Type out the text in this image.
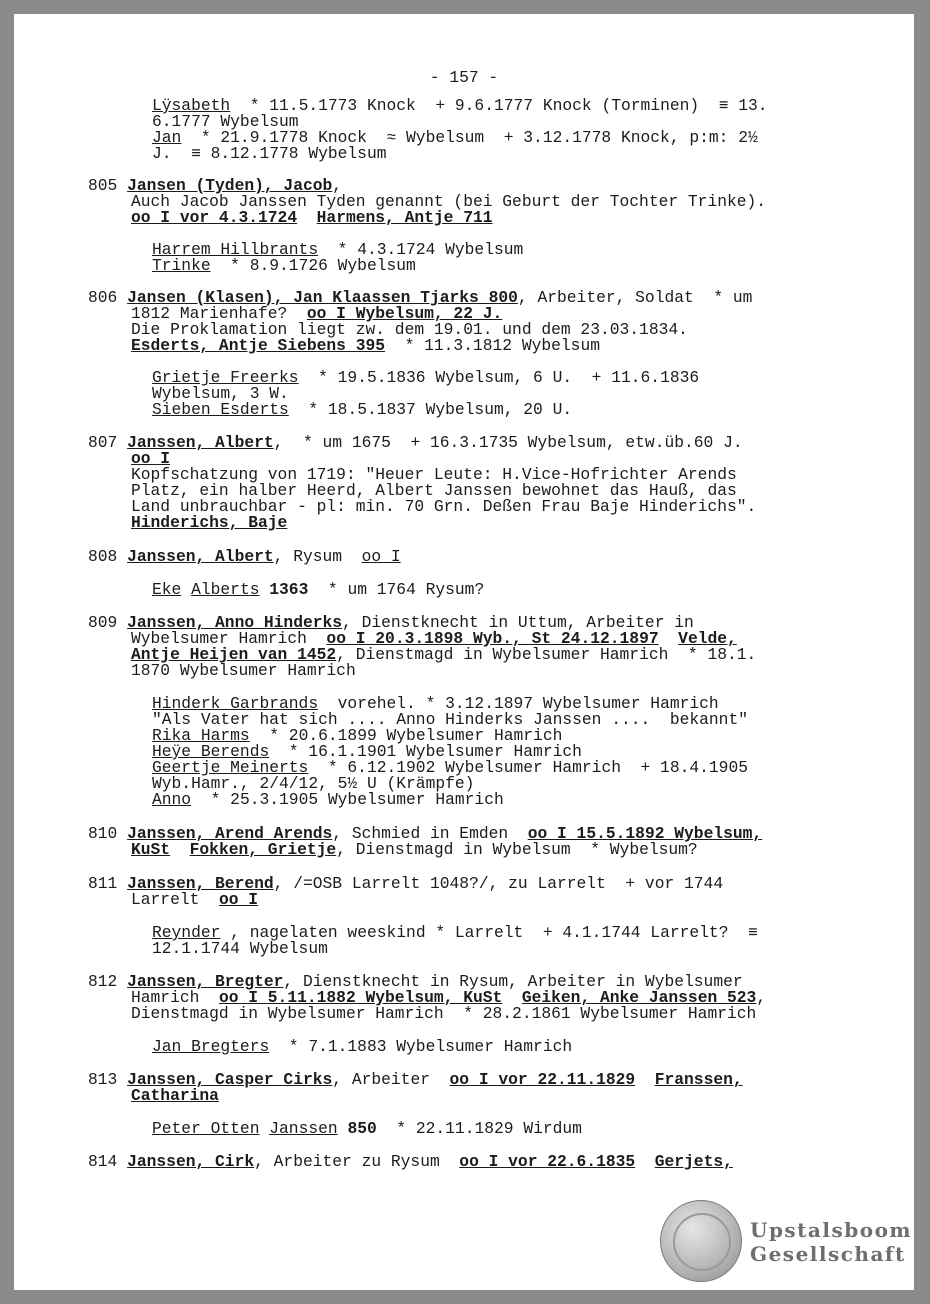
- 157 -
Lÿsabeth  * 11.5.1773 Knock  + 9.6.1777 Knock (Torminen)  ≡ 13.
6.1777 Wybelsum
Jan  * 21.9.1778 Knock  ≈ Wybelsum  + 3.12.1778 Knock, p:m: 2½
J.  ≡ 8.12.1778 Wybelsum
805 Jansen (Tyden), Jacob,
Auch Jacob Janssen Tyden genannt (bei Geburt der Tochter Trinke).
oo I vor 4.3.1724 Harmens, Antje 711
Harrem Hillbrants  * 4.3.1724 Wybelsum
Trinke  * 8.9.1726 Wybelsum
806 Jansen (Klasen), Jan Klaassen Tjarks 800, Arbeiter, Soldat  * um
1812 Marienhafe?  oo I Wybelsum, 22 J.
Die Proklamation liegt zw. dem 19.01. und dem 23.03.1834.
Esderts, Antje Siebens 395  * 11.3.1812 Wybelsum
Grietje Freerks  * 19.5.1836 Wybelsum, 6 U.  + 11.6.1836
Wybelsum, 3 W.
Sieben Esderts  * 18.5.1837 Wybelsum, 20 U.
807 Janssen, Albert,  * um 1675  + 16.3.1735 Wybelsum, etw.üb.60 J.
oo I
Kopfschatzung von 1719: "Heuer Leute: H.Vice-Hofrichter Arends
Platz, ein halber Heerd, Albert Janssen bewohnet das Hauß, das
Land unbrauchbar - pl: min. 70 Grn. Deßen Frau Baje Hinderichs".
Hinderichs, Baje
808 Janssen, Albert, Rysum  oo I
Eke Alberts 1363  * um 1764 Rysum?
809 Janssen, Anno Hinderks, Dienstknecht in Uttum, Arbeiter in
Wybelsumer Hamrich  oo I 20.3.1898 Wyb., St 24.12.1897 Velde,
Antje Heijen van 1452, Dienstmagd in Wybelsumer Hamrich  * 18.1.
1870 Wybelsumer Hamrich
Hinderk Garbrands  vorehel. * 3.12.1897 Wybelsumer Hamrich
"Als Vater hat sich .... Anno Hinderks Janssen ....  bekannt"
Rika Harms  * 20.6.1899 Wybelsumer Hamrich
Heÿe Berends  * 16.1.1901 Wybelsumer Hamrich
Geertje Meinerts  * 6.12.1902 Wybelsumer Hamrich  + 18.4.1905
Wyb.Hamr., 2/4/12, 5½ U (Krämpfe)
Anno  * 25.3.1905 Wybelsumer Hamrich
810 Janssen, Arend Arends, Schmied in Emden  oo I 15.5.1892 Wybelsum,
KuSt Fokken, Grietje, Dienstmagd in Wybelsum  * Wybelsum?
811 Janssen, Berend, /=OSB Larrelt 1048?/, zu Larrelt  + vor 1744
Larrelt  oo I
Reynder , nagelaten weeskind * Larrelt  + 4.1.1744 Larrelt?  ≡
12.1.1744 Wybelsum
812 Janssen, Bregter, Dienstknecht in Rysum, Arbeiter in Wybelsumer
Hamrich  oo I 5.11.1882 Wybelsum, KuSt Geiken, Anke Janssen 523,
Dienstmagd in Wybelsumer Hamrich  * 28.2.1861 Wybelsumer Hamrich
Jan Bregters  * 7.1.1883 Wybelsumer Hamrich
813 Janssen, Casper Cirks, Arbeiter  oo I vor 22.11.1829 Franssen,
Catharina
Peter Otten Janssen 850  * 22.11.1829 Wirdum
814 Janssen, Cirk, Arbeiter zu Rysum  oo I vor 22.6.1835 Gerjets,
Upstalsboom
Gesellschaft
